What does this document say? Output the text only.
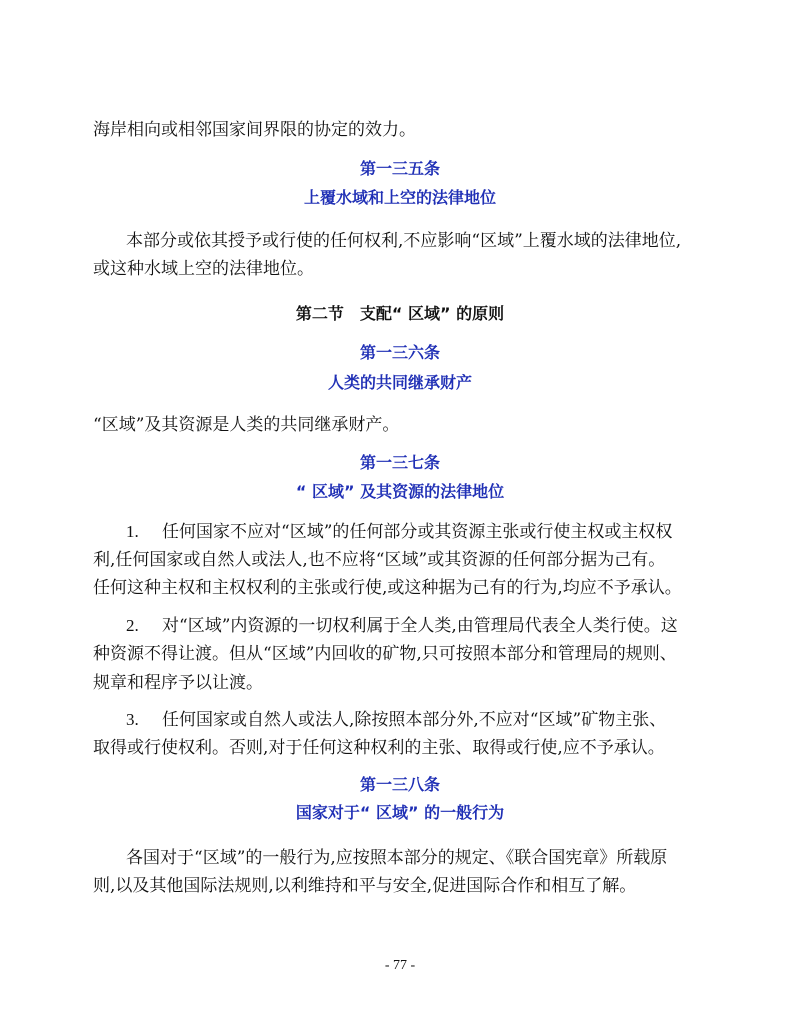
海岸相向或相邻国家间界限的协定的效力。
第一三五条
上覆水域和上空的法律地位
本部分或依其授予或行使的任何权利,不应影响“区域”上覆水域的法律地位,
或这种水域上空的法律地位。
第二节　支配“ 区域” 的原则
第一三六条
人类的共同继承财产
“区域”及其资源是人类的共同继承财产。
第一三七条
“ 区域” 及其资源的法律地位
1. 任何国家不应对“区域”的任何部分或其资源主张或行使主权或主权权
利,任何国家或自然人或法人,也不应将“区域”或其资源的任何部分据为己有。
任何这种主权和主权权利的主张或行使,或这种据为己有的行为,均应不予承认。
2. 对“区域”内资源的一切权利属于全人类,由管理局代表全人类行使。这
种资源不得让渡。但从“区域”内回收的矿物,只可按照本部分和管理局的规则、
规章和程序予以让渡。
3. 任何国家或自然人或法人,除按照本部分外,不应对“区域”矿物主张、
取得或行使权利。否则,对于任何这种权利的主张、取得或行使,应不予承认。
第一三八条
国家对于“ 区域” 的一般行为
各国对于“区域”的一般行为,应按照本部分的规定、《联合国宪章》所载原
则,以及其他国际法规则,以利维持和平与安全,促进国际合作和相互了解。
- 77 -
